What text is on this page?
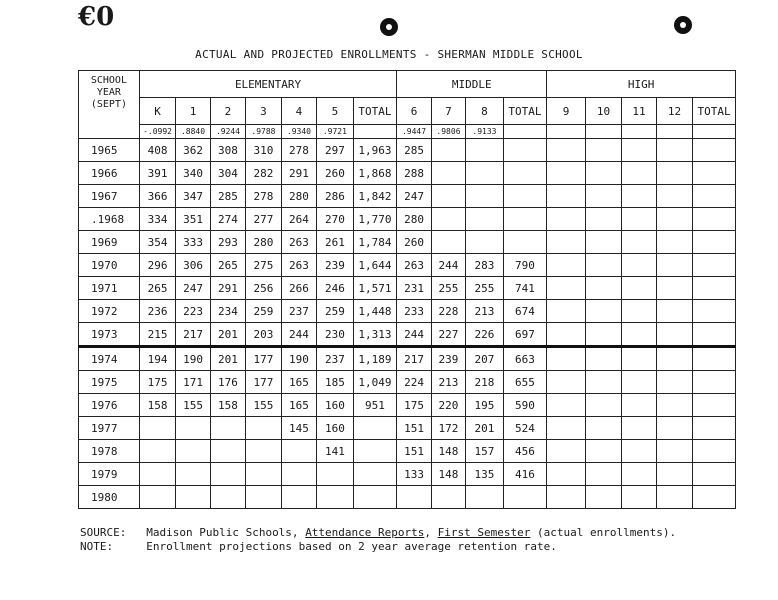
€0
ACTUAL AND PROJECTED ENROLLMENTS - SHERMAN MIDDLE SCHOOL
SCHOOL YEAR (SEPT)	ELEMENTARY							MIDDLE				HIGH				
	K	1	2	3	4	5	TOTAL	6	7	8	TOTAL	9	10	11	12	TOTAL
	-.0992	.8840	.9244	.9788	.9340	.9721		.9447	.9806	.9133						
1965	408	362	308	310	278	297	1,963	285								
1966	391	340	304	282	291	260	1,868	288								
1967	366	347	285	278	280	286	1,842	247								
.1968	334	351	274	277	264	270	1,770	280								
1969	354	333	293	280	263	261	1,784	260								
1970	296	306	265	275	263	239	1,644	263	244	283	790					
1971	265	247	291	256	266	246	1,571	231	255	255	741					
1972	236	223	234	259	237	259	1,448	233	228	213	674					
1973	215	217	201	203	244	230	1,313	244	227	226	697					
1974	194	190	201	177	190	237	1,189	217	239	207	663					
1975	175	171	176	177	165	185	1,049	224	213	218	655					
1976	158	155	158	155	165	160	951	175	220	195	590					
1977					145	160		151	172	201	524					
1978						141		151	148	157	456					
1979								133	148	135	416					
1980																
SOURCE: Madison Public Schools, Attendance Reports, First Semester (actual enrollments).
NOTE:	Enrollment projections based on 2 year average retention rate.
